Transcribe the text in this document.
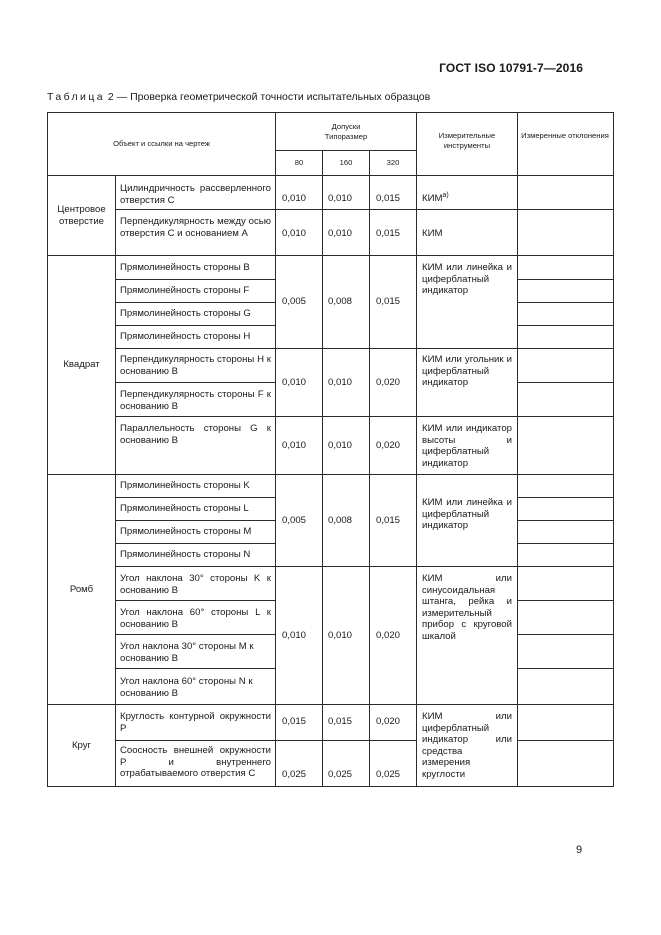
ГОСТ ISO 10791-7—2016
Таблица 2 — Проверка геометрической точности испытательных образцов
Объект и ссылки на чертеж
Допуски
Типоразмер
80	160	320
Измерительные инструменты
Измеренные отклонения
Центровое отверстие
Квадрат
Ромб
Круг
Цилиндричность рассверленного отверстия C
Перпендикулярность между осью отверстия C и основанием A
Прямолинейность стороны B
Прямолинейность стороны F
Прямолинейность стороны G
Прямолинейность стороны H
Перпендикулярность стороны H к основанию B
Перпендикулярность стороны F к основанию B
Параллельность стороны G к основанию B
Прямолинейность стороны K
Прямолинейность стороны L
Прямолинейность стороны M
Прямолинейность стороны N
Угол наклона 30° стороны K к основанию B
Угол наклона 60° стороны L к основанию B
Угол наклона 30° стороны M к основанию B
Угол наклона 60° стороны N к основанию B
Круглость контурной окружности P
Соосность внешней окружности P и внутреннего отрабатываемого отверстия C
0,010 0,010 0,015
0,010 0,010 0,015
0,010 0,010 0,020
0,015 0,015 0,020
0,025 0,025 0,025
0,005 0,008 0,015
0,010 0,010 0,020
0,005 0,008 0,015
0,010 0,010 0,020
$КИМ^{а)}$
КИМ
КИМ или линейка и циферблатный индикатор
КИМ или угольник и циферблатный индикатор
КИМ или индикатор высоты и циферблатный индикатор
КИМ или линейка и циферблатный индикатор
КИМ или синусоидальная штанга, рейка и измерительный прибор с круговой шкалой
КИМ или циферблатный индикатор или средства измерения круглости
9
